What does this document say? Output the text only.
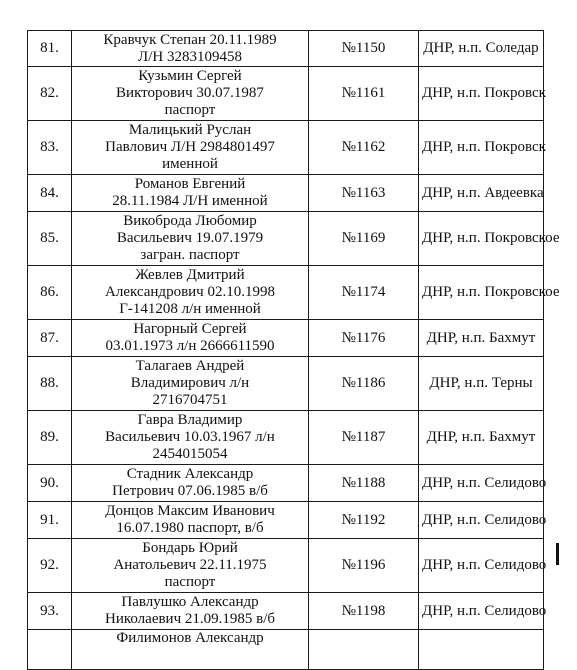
81.	Кравчук Степан 20.11.1989
Л/Н 3283109458	№1150	ДНР, н.п. Соледар
82.	Кузьмин Сергей
Викторович 30.07.1987
паспорт	№1161	ДНР, н.п. Покровск
83.	Малицький Руслан
Павлович Л/Н 2984801497
именной	№1162	ДНР, н.п. Покровск
84.	Романов Евгений
28.11.1984 Л/Н именной	№1163	ДНР, н.п. Авдеевка
85.	Викоброда Любомир
Васильевич 19.07.1979
загран. паспорт	№1169	ДНР, н.п. Покровское
86.	Жевлев Дмитрий
Александрович 02.10.1998
Г-141208 л/н именной	№1174	ДНР, н.п. Покровское
87.	Нагорный Сергей
03.01.1973 л/н 2666611590	№1176	ДНР, н.п. Бахмут
88.	Талагаев Андрей
Владимирович л/н
2716704751	№1186	ДНР, н.п. Терны
89.	Гавра Владимир
Васильевич 10.03.1967 л/н
2454015054	№1187	ДНР, н.п. Бахмут
90.	Стадник Александр
Петрович 07.06.1985 в/б	№1188	ДНР, н.п. Селидово
91.	Донцов Максим Иванович
16.07.1980 паспорт, в/б	№1192	ДНР, н.п. Селидово
92.	Бондарь Юрий
Анатольевич 22.11.1975
паспорт	№1196	ДНР, н.п. Селидово
93.	Павлушко Александр
Николаевич 21.09.1985 в/б	№1198	ДНР, н.п. Селидово

	Филимонов Александр		
